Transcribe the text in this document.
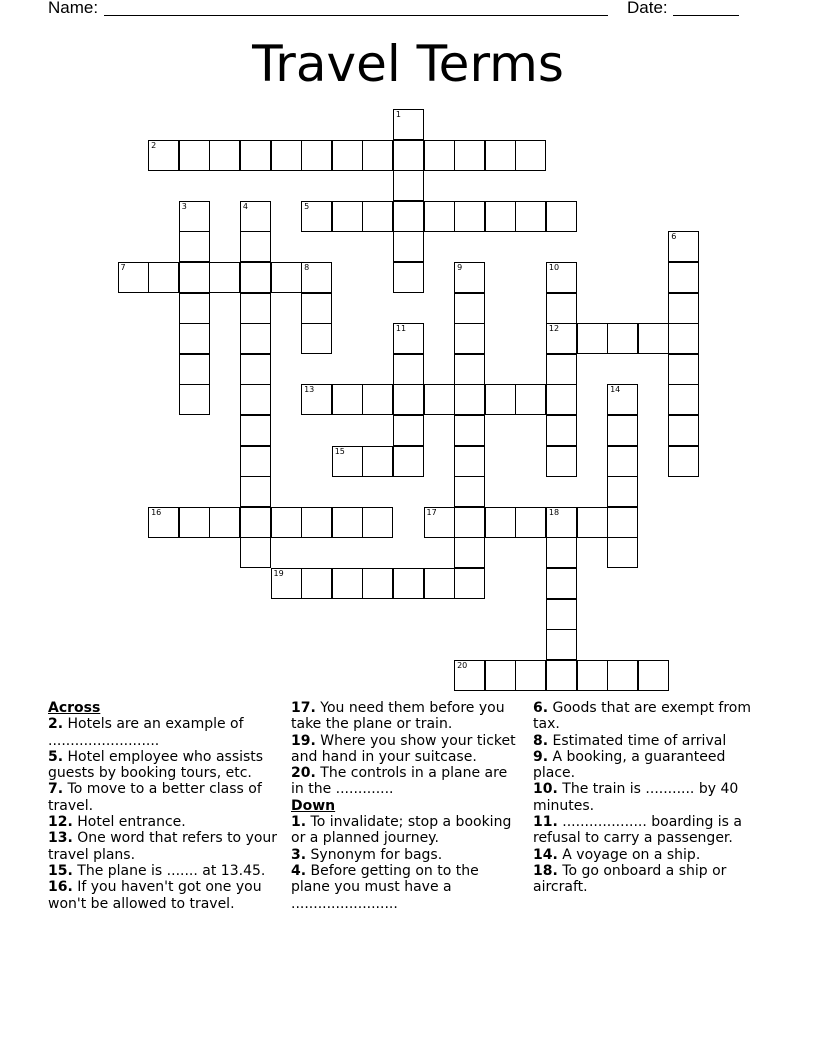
Name:	Date:
Travel Terms
1
2
3	4	5
6
7	8	9	10
11	12
13	14
15
16	17	18
19
20
Across
2. Hotels are an example of .........................
5. Hotel employee who assists guests by booking tours, etc.
7. To move to a better class of travel.
12. Hotel entrance.
13. One word that refers to your travel plans.
15. The plane is ....... at 13.45.
16. If you haven't got one you won't be allowed to travel.
17. You need them before you take the plane or train.
19. Where you show your ticket and hand in your suitcase.
20. The controls in a plane are in the .............
Down
1. To invalidate; stop a booking or a planned journey.
3. Synonym for bags.
4. Before getting on to the plane you must have a ........................
6. Goods that are exempt from tax.
8. Estimated time of arrival
9. A booking, a guaranteed place.
10. The train is ........... by 40 minutes.
11. ................... boarding is a refusal to carry a passenger.
14. A voyage on a ship.
18. To go onboard a ship or aircraft.
